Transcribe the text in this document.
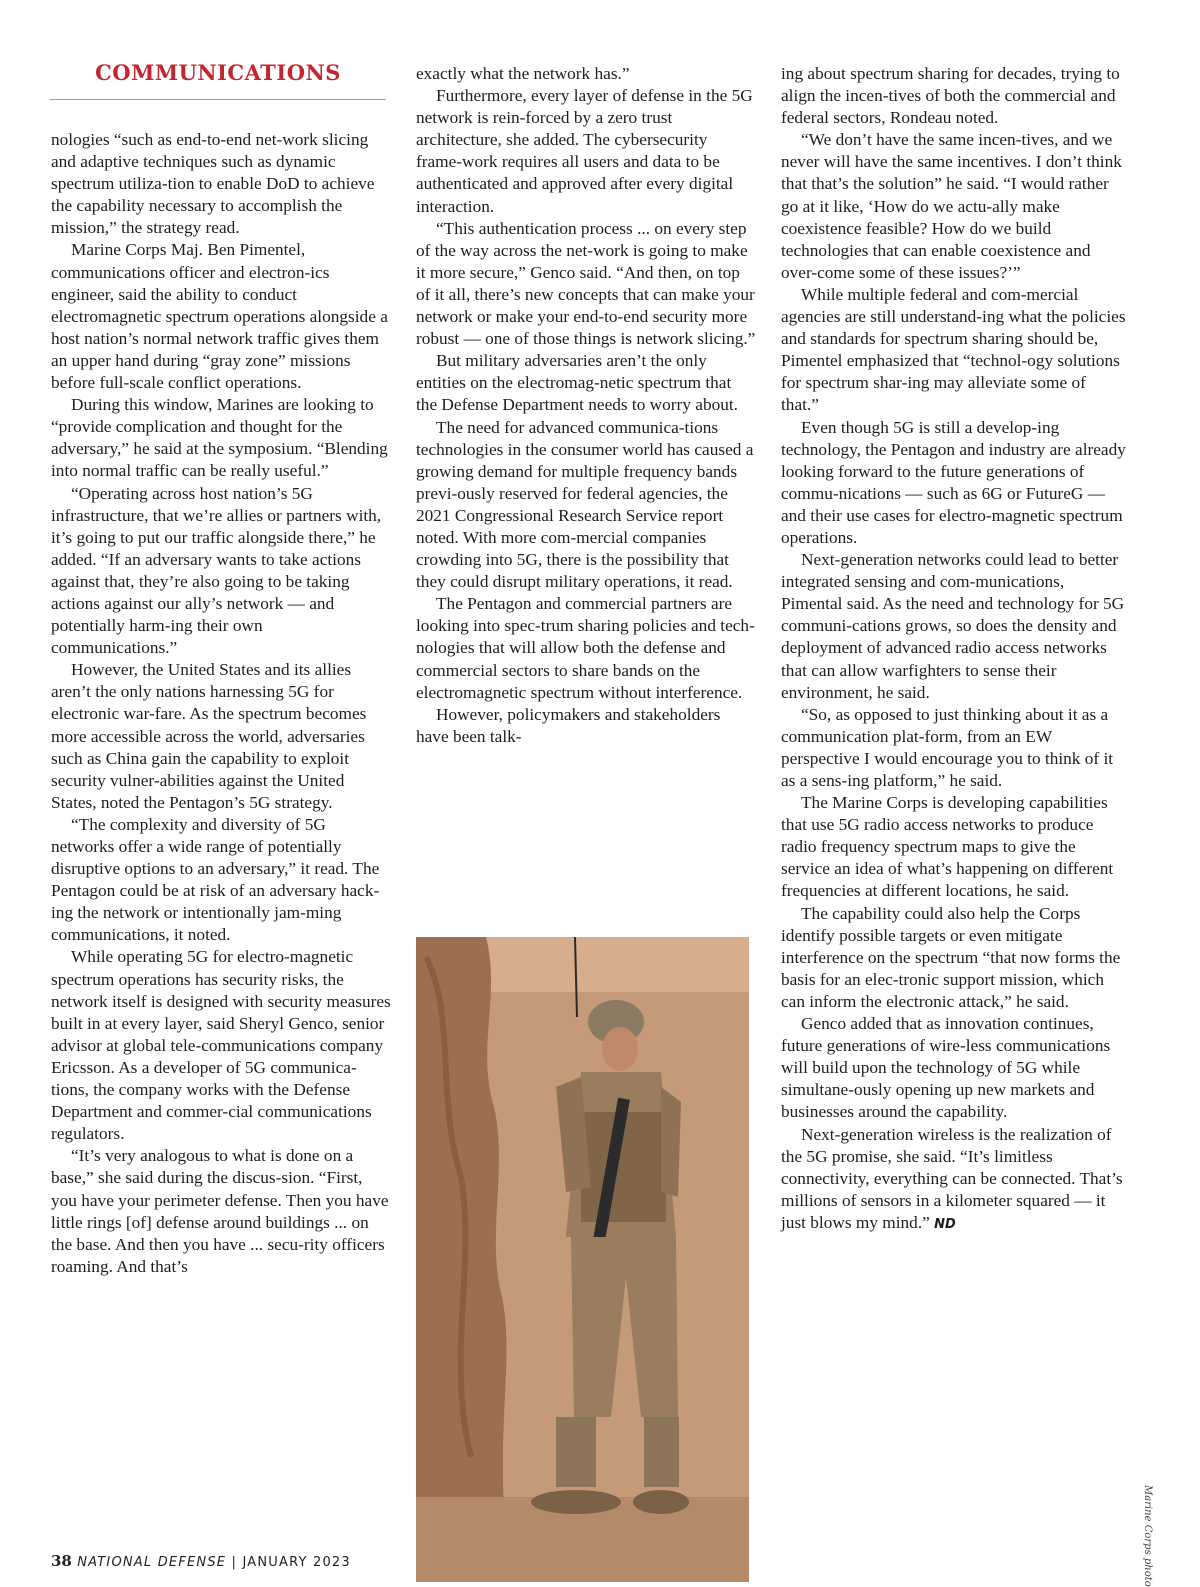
COMMUNICATIONS

nologies “such as end-to-end net-work slicing and adaptive techniques such as dynamic spectrum utiliza-tion to enable DoD to achieve the capability necessary to accomplish the mission,” the strategy read.

Marine Corps Maj. Ben Pimentel, communications officer and electron-ics engineer, said the ability to conduct electromagnetic spectrum operations alongside a host nation’s normal network traffic gives them an upper hand during “gray zone” missions before full-scale conflict operations.

During this window, Marines are looking to “provide complication and thought for the adversary,” he said at the symposium. “Blending into normal traffic can be really useful.”

“Operating across host nation’s 5G infrastructure, that we’re allies or partners with, it’s going to put our traffic alongside there,” he added. “If an adversary wants to take actions against that, they’re also going to be taking actions against our ally’s network — and potentially harm-ing their own communications.”

However, the United States and its allies aren’t the only nations harnessing 5G for electronic war-fare. As the spectrum becomes more accessible across the world, adversaries such as China gain the capability to exploit security vulner-abilities against the United States, noted the Pentagon’s 5G strategy.

“The complexity and diversity of 5G networks offer a wide range of potentially disruptive options to an adversary,” it read. The Pentagon could be at risk of an adversary hack-ing the network or intentionally jam-ming communications, it noted.

While operating 5G for electro-magnetic spectrum operations has security risks, the network itself is designed with security measures built in at every layer, said Sheryl Genco, senior advisor at global tele-communications company Ericsson. As a developer of 5G communica-tions, the company works with the Defense Department and commer-cial communications regulators.

“It’s very analogous to what is done on a base,” she said during the discus-sion. “First, you have your perimeter defense. Then you have little rings [of] defense around buildings ... on the base. And then you have ... secu-rity officers roaming. And that’s

exactly what the network has.”

Furthermore, every layer of defense in the 5G network is rein-forced by a zero trust architecture, she added. The cybersecurity frame-work requires all users and data to be authenticated and approved after every digital interaction.

“This authentication process ... on every step of the way across the net-work is going to make it more secure,” Genco said. “And then, on top of it all, there’s new concepts that can make your network or make your end-to-end security more robust — one of those things is network slicing.”

But military adversaries aren’t the only entities on the electromag-netic spectrum that the Defense Department needs to worry about.

The need for advanced communica-tions technologies in the consumer world has caused a growing demand for multiple frequency bands previ-ously reserved for federal agencies, the 2021 Congressional Research Service report noted. With more com-mercial companies crowding into 5G, there is the possibility that they could disrupt military operations, it read.

The Pentagon and commercial partners are looking into spec-trum sharing policies and tech-nologies that will allow both the defense and commercial sectors to share bands on the electromagnetic spectrum without interference.

However, policymakers and stakeholders have been talk-

ing about spectrum sharing for decades, trying to align the incen-tives of both the commercial and federal sectors, Rondeau noted.

“We don’t have the same incen-tives, and we never will have the same incentives. I don’t think that that’s the solution” he said. “I would rather go at it like, ‘How do we actu-ally make coexistence feasible? How do we build technologies that can enable coexistence and over-come some of these issues?’”

While multiple federal and com-mercial agencies are still understand-ing what the policies and standards for spectrum sharing should be, Pimentel emphasized that “technol-ogy solutions for spectrum shar-ing may alleviate some of that.”

Even though 5G is still a develop-ing technology, the Pentagon and industry are already looking forward to the future generations of commu-nications — such as 6G or FutureG — and their use cases for electro-magnetic spectrum operations.

Next-generation networks could lead to better integrated sensing and com-munications, Pimental said. As the need and technology for 5G communi-cations grows, so does the density and deployment of advanced radio access networks that can allow warfighters to sense their environment, he said.

“So, as opposed to just thinking about it as a communication plat-form, from an EW perspective I would encourage you to think of it as a sens-ing platform,” he said.

The Marine Corps is developing capabilities that use 5G radio access networks to produce radio frequency spectrum maps to give the service an idea of what’s happening on different frequencies at different locations, he said.

The capability could also help the Corps identify possible targets or even mitigate interference on the spectrum “that now forms the basis for an elec-tronic support mission, which can inform the electronic attack,” he said.

Genco added that as innovation continues, future generations of wire-less communications will build upon the technology of 5G while simultane-ously opening up new markets and businesses around the capability.

Next-generation wireless is the realization of the 5G promise, she said. “It’s limitless connectivity, everything can be connected. That’s millions of sensors in a kilometer squared — it just blows my mind.” ND

Marine Corps photo
38 NATIONAL DEFENSE | JANUARY 2023
